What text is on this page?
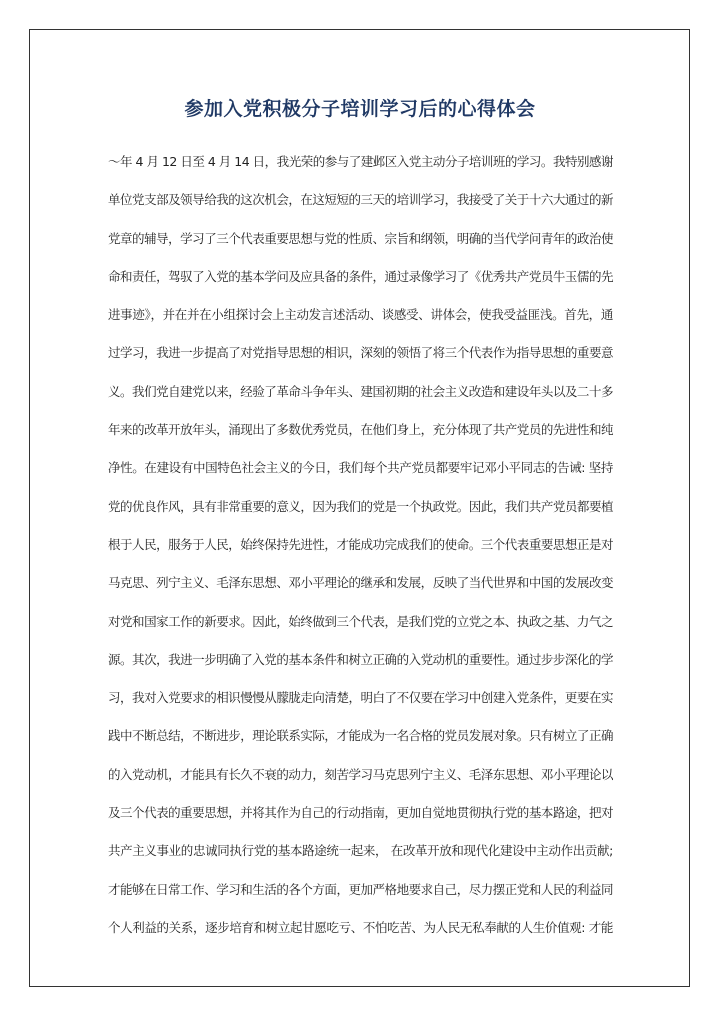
参加入党积极分子培训学习后的心得体会
～年 4 月 12 日至 4 月 14 日，我光荣的参与了建邺区入党主动分子培训班的学习。我特别感谢
单位党支部及领导给我的这次机会，在这短短的三天的培训学习，我接受了关于十六大通过的新
党章的辅导，学习了三个代表重要思想与党的性质、宗旨和纲领，明确的当代学问青年的政治使
命和责任，驾驭了入党的基本学问及应具备的条件，通过录像学习了《优秀共产党员牛玉儒的先
进事迹》，并在并在小组探讨会上主动发言述活动、谈感受、讲体会，使我受益匪浅。首先，通
过学习，我进一步提高了对党指导思想的相识，深刻的领悟了将三个代表作为指导思想的重要意
义。我们党自建党以来，经验了革命斗争年头、建国初期的社会主义改造和建设年头以及二十多
年来的改革开放年头，涌现出了多数优秀党员，在他们身上，充分体现了共产党员的先进性和纯
净性。在建设有中国特色社会主义的今日，我们每个共产党员都要牢记邓小平同志的告诫: 坚持
党的优良作风，具有非常重要的意义，因为我们的党是一个执政党。因此，我们共产党员都要植
根于人民，服务于人民，始终保持先进性，才能成功完成我们的使命。三个代表重要思想正是对
马克思、列宁主义、毛泽东思想、邓小平理论的继承和发展，反映了当代世界和中国的发展改变
对党和国家工作的新要求。因此，始终做到三个代表，是我们党的立党之本、执政之基、力气之
源。其次，我进一步明确了入党的基本条件和树立正确的入党动机的重要性。通过步步深化的学
习，我对入党要求的相识慢慢从朦胧走向清楚，明白了不仅要在学习中创建入党条件，更要在实
践中不断总结，不断进步，理论联系实际，才能成为一名合格的党员发展对象。只有树立了正确
的入党动机，才能具有长久不衰的动力，刻苦学习马克思列宁主义、毛泽东思想、邓小平理论以
及三个代表的重要思想，并将其作为自己的行动指南，更加自觉地贯彻执行党的基本路途，把对
共产主义事业的忠诚同执行党的基本路途统一起来， 在改革开放和现代化建设中主动作出贡献;
才能够在日常工作、学习和生活的各个方面，更加严格地要求自己，尽力摆正党和人民的利益同
个人利益的关系，逐步培育和树立起甘愿吃亏、不怕吃苦、为人民无私奉献的人生价值观: 才能
